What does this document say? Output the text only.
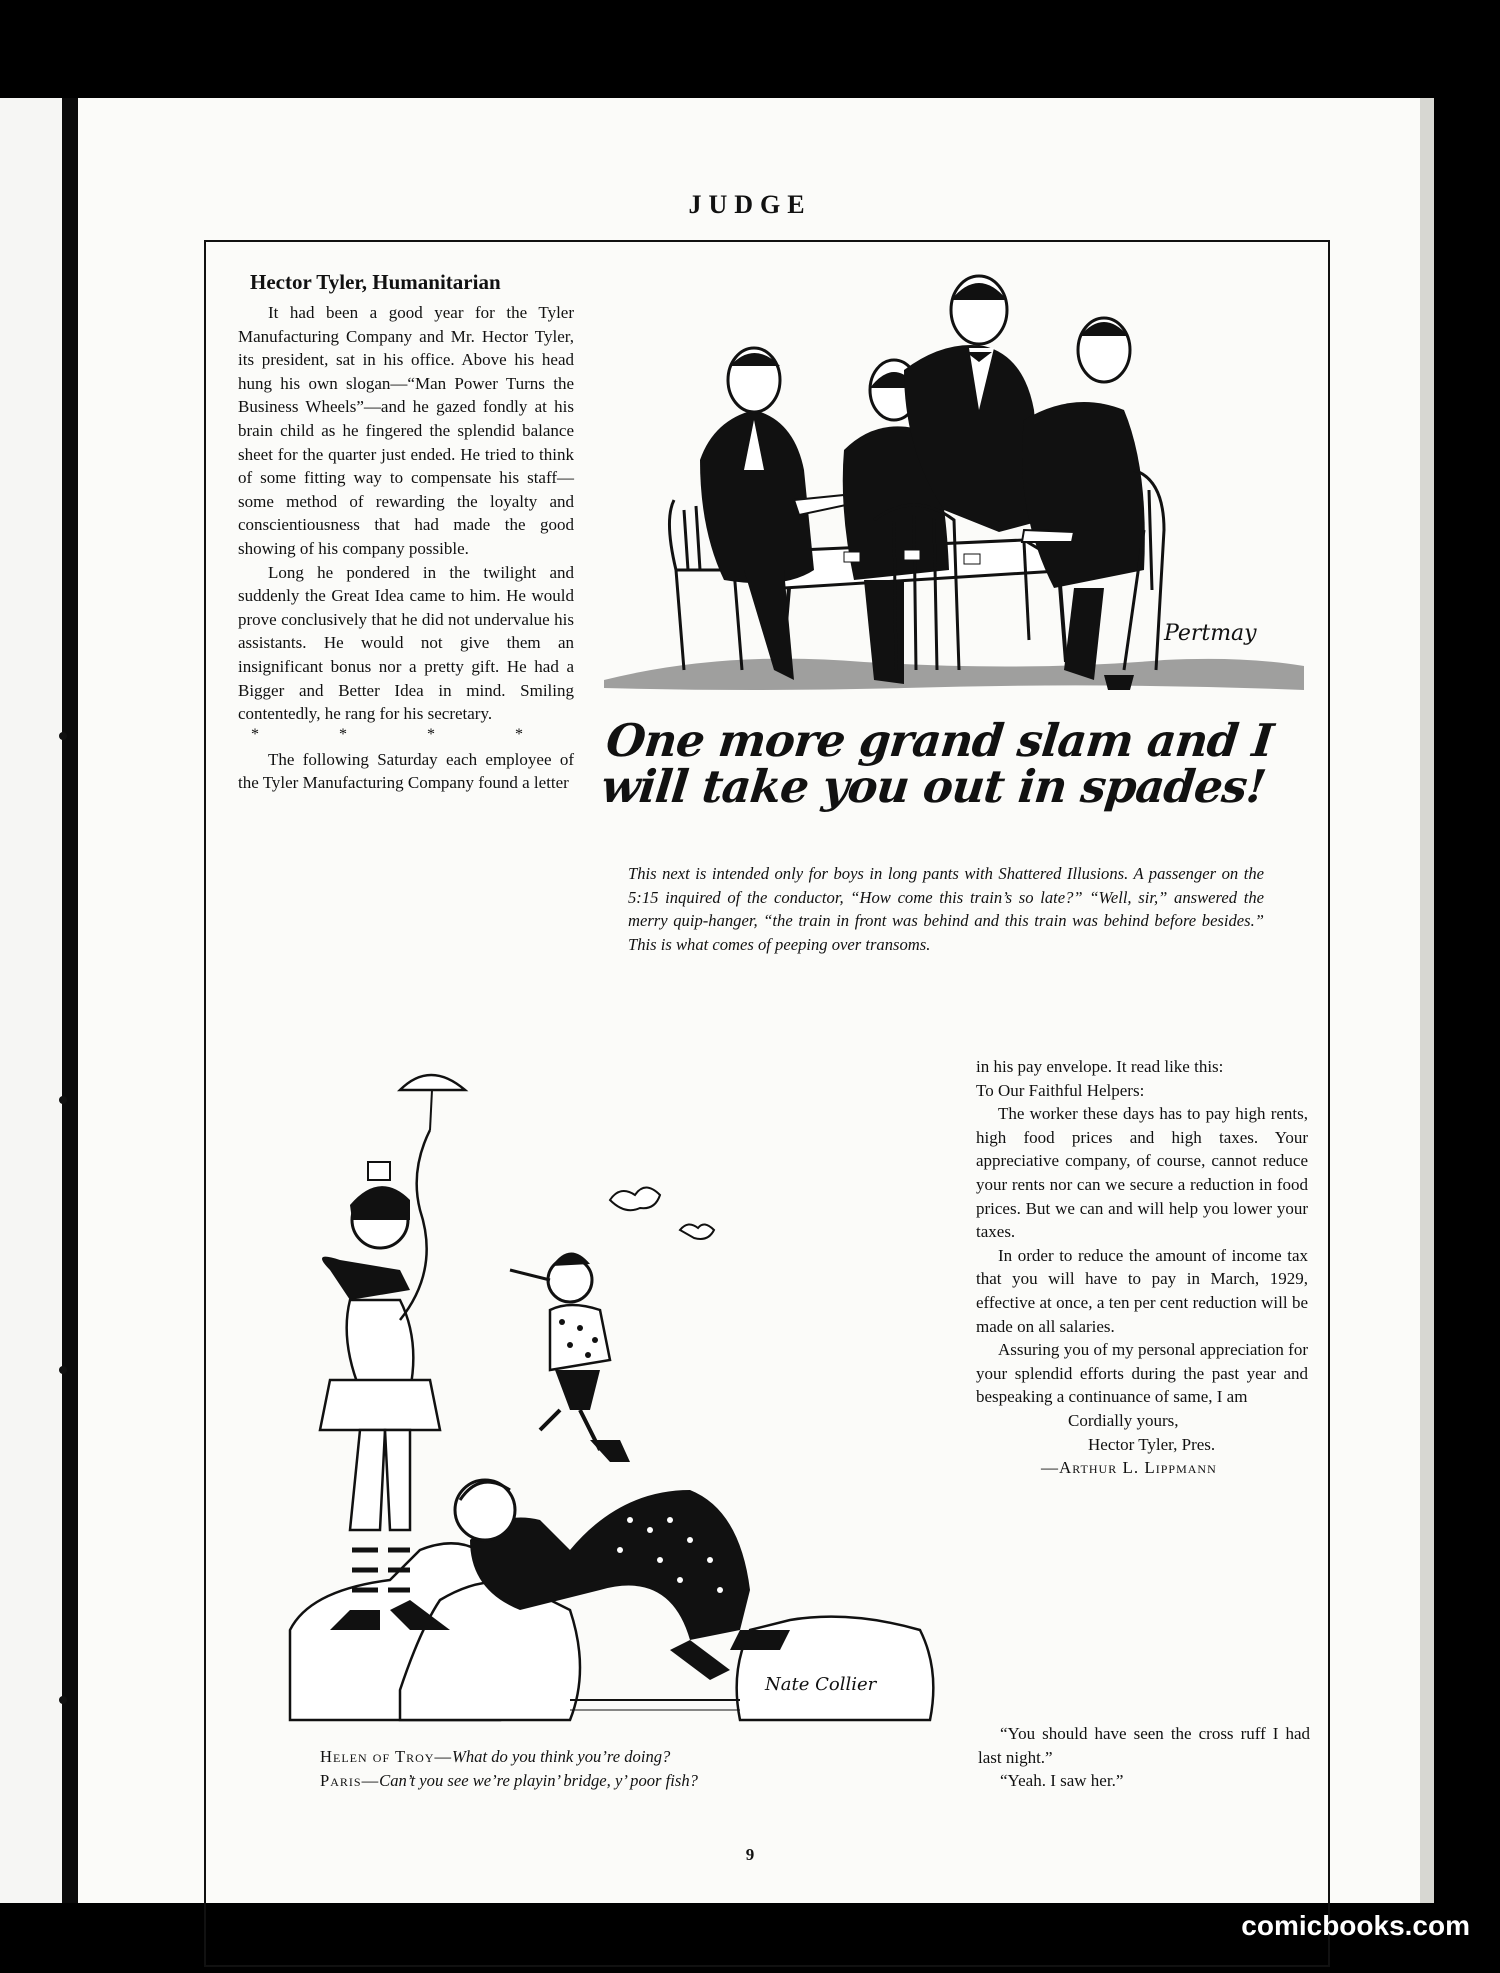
JUDGE
Hector Tyler, Humanitarian

It had been a good year for the Tyler Manufacturing Company and Mr. Hector Tyler, its president, sat in his office. Above his head hung his own slogan—“Man Power Turns the Business Wheels”—and he gazed fondly at his brain child as he fingered the splendid balance sheet for the quarter just ended. He tried to think of some fitting way to compensate his staff—some method of rewarding the loyalty and conscientiousness that had made the good showing of his company possible.

Long he pondered in the twilight and suddenly the Great Idea came to him. He would prove conclusively that he did not undervalue his assistants. He would not give them an insignificant bonus nor a pretty gift. He had a Bigger and Better Idea in mind. Smiling contentedly, he rang for his secretary.

* * * *

The following Saturday each employee of the Tyler Manufacturing Company found a letter

Pertmay
One more grand slam and I
will take you out in spades!
This next is intended only for boys in long pants with Shattered Illusions. A passenger on the 5:15 inquired of the conductor, “How come this train’s so late?” “Well, sir,” answered the merry quip-hanger, “the train in front was behind and this train was behind before besides.” This is what comes of peeping over transoms.
Nate Collier
Helen of Troy—What do you think you’re doing?
Paris—Can’t you see we’re playin’ bridge, y’ poor fish?

in his pay envelope. It read like this:

To Our Faithful Helpers:

The worker these days has to pay high rents, high food prices and high taxes. Your appreciative company, of course, cannot reduce your rents nor can we secure a reduction in food prices. But we can and will help you lower your taxes.

In order to reduce the amount of income tax that you will have to pay in March, 1929, effective at once, a ten per cent reduction will be made on all salaries.

Assuring you of my personal appreciation for your splendid efforts during the past year and bespeaking a continuance of same, I am

Cordially yours,

Hector Tyler, Pres.

—Arthur L. Lippmann

“You should have seen the cross ruff I had last night.”

“Yeah. I saw her.”

9
comicbooks.com
